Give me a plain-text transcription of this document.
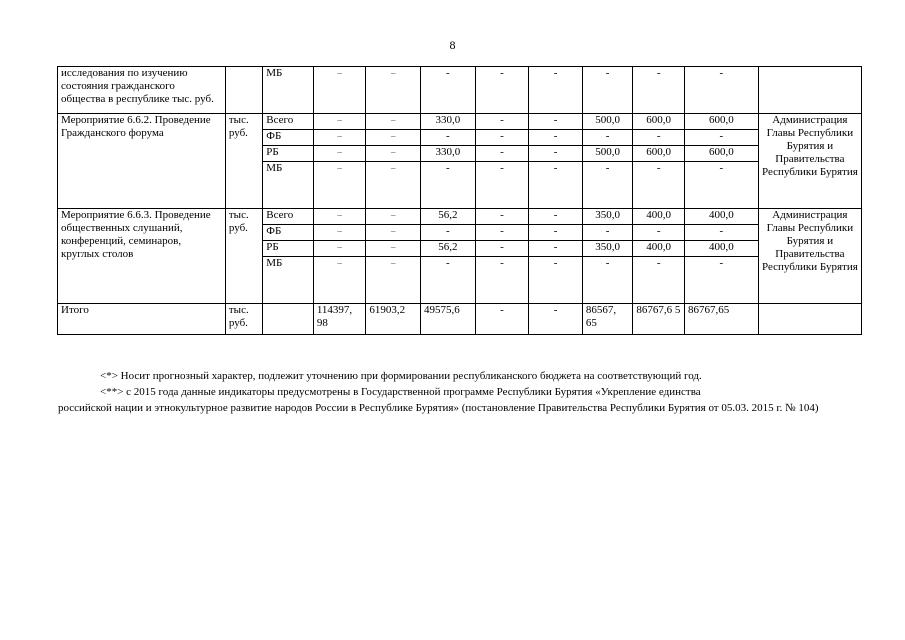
8
исследования по изучению состояния гражданского общества в республике тыс. руб.		МБ	–	–	-	-	-	-	-	-	
Мероприятие 6.6.2. Проведение Гражданского форума	тыс. руб.	Всего	–	–	330,0	-	-	500,0	600,0	600,0	Администрация Главы Республики Бурятия и Правительства Республики Бурятия
		ФБ	–	–	-	-	-	-	-	-	
		РБ	–	–	330,0	-	-	500,0	600,0	600,0	
		МБ	–	–	-	-	-	-	-	-	
Мероприятие 6.6.3. Проведение общественных слушаний, конференций, семинаров, круглых столов	тыс. руб.	Всего	–	–	56,2	-	-	350,0	400,0	400,0	Администрация Главы Республики Бурятия и Правительства Республики Бурятия
		ФБ	–	–	-	-	-	-	-	-	
		РБ	–	–	56,2	-	-	350,0	400,0	400,0	
		МБ	–	–	-	-	-	-	-	-	
Итого	тыс. руб.		114397, 98	61903,2	49575,6	-	-	86567, 65	86767,6 5	86767,65	

<*> Носит прогнозный характер, подлежит уточнению при формировании республиканского бюджета на соответствующий год.

<**> с 2015 года данные индикаторы предусмотрены в Государственной программе Республики Бурятия «Укрепление единства

российской нации и этнокультурное развитие народов России в Республике Бурятия» (постановление Правительства Республики Бурятия от 05.03. 2015 г. № 104)
